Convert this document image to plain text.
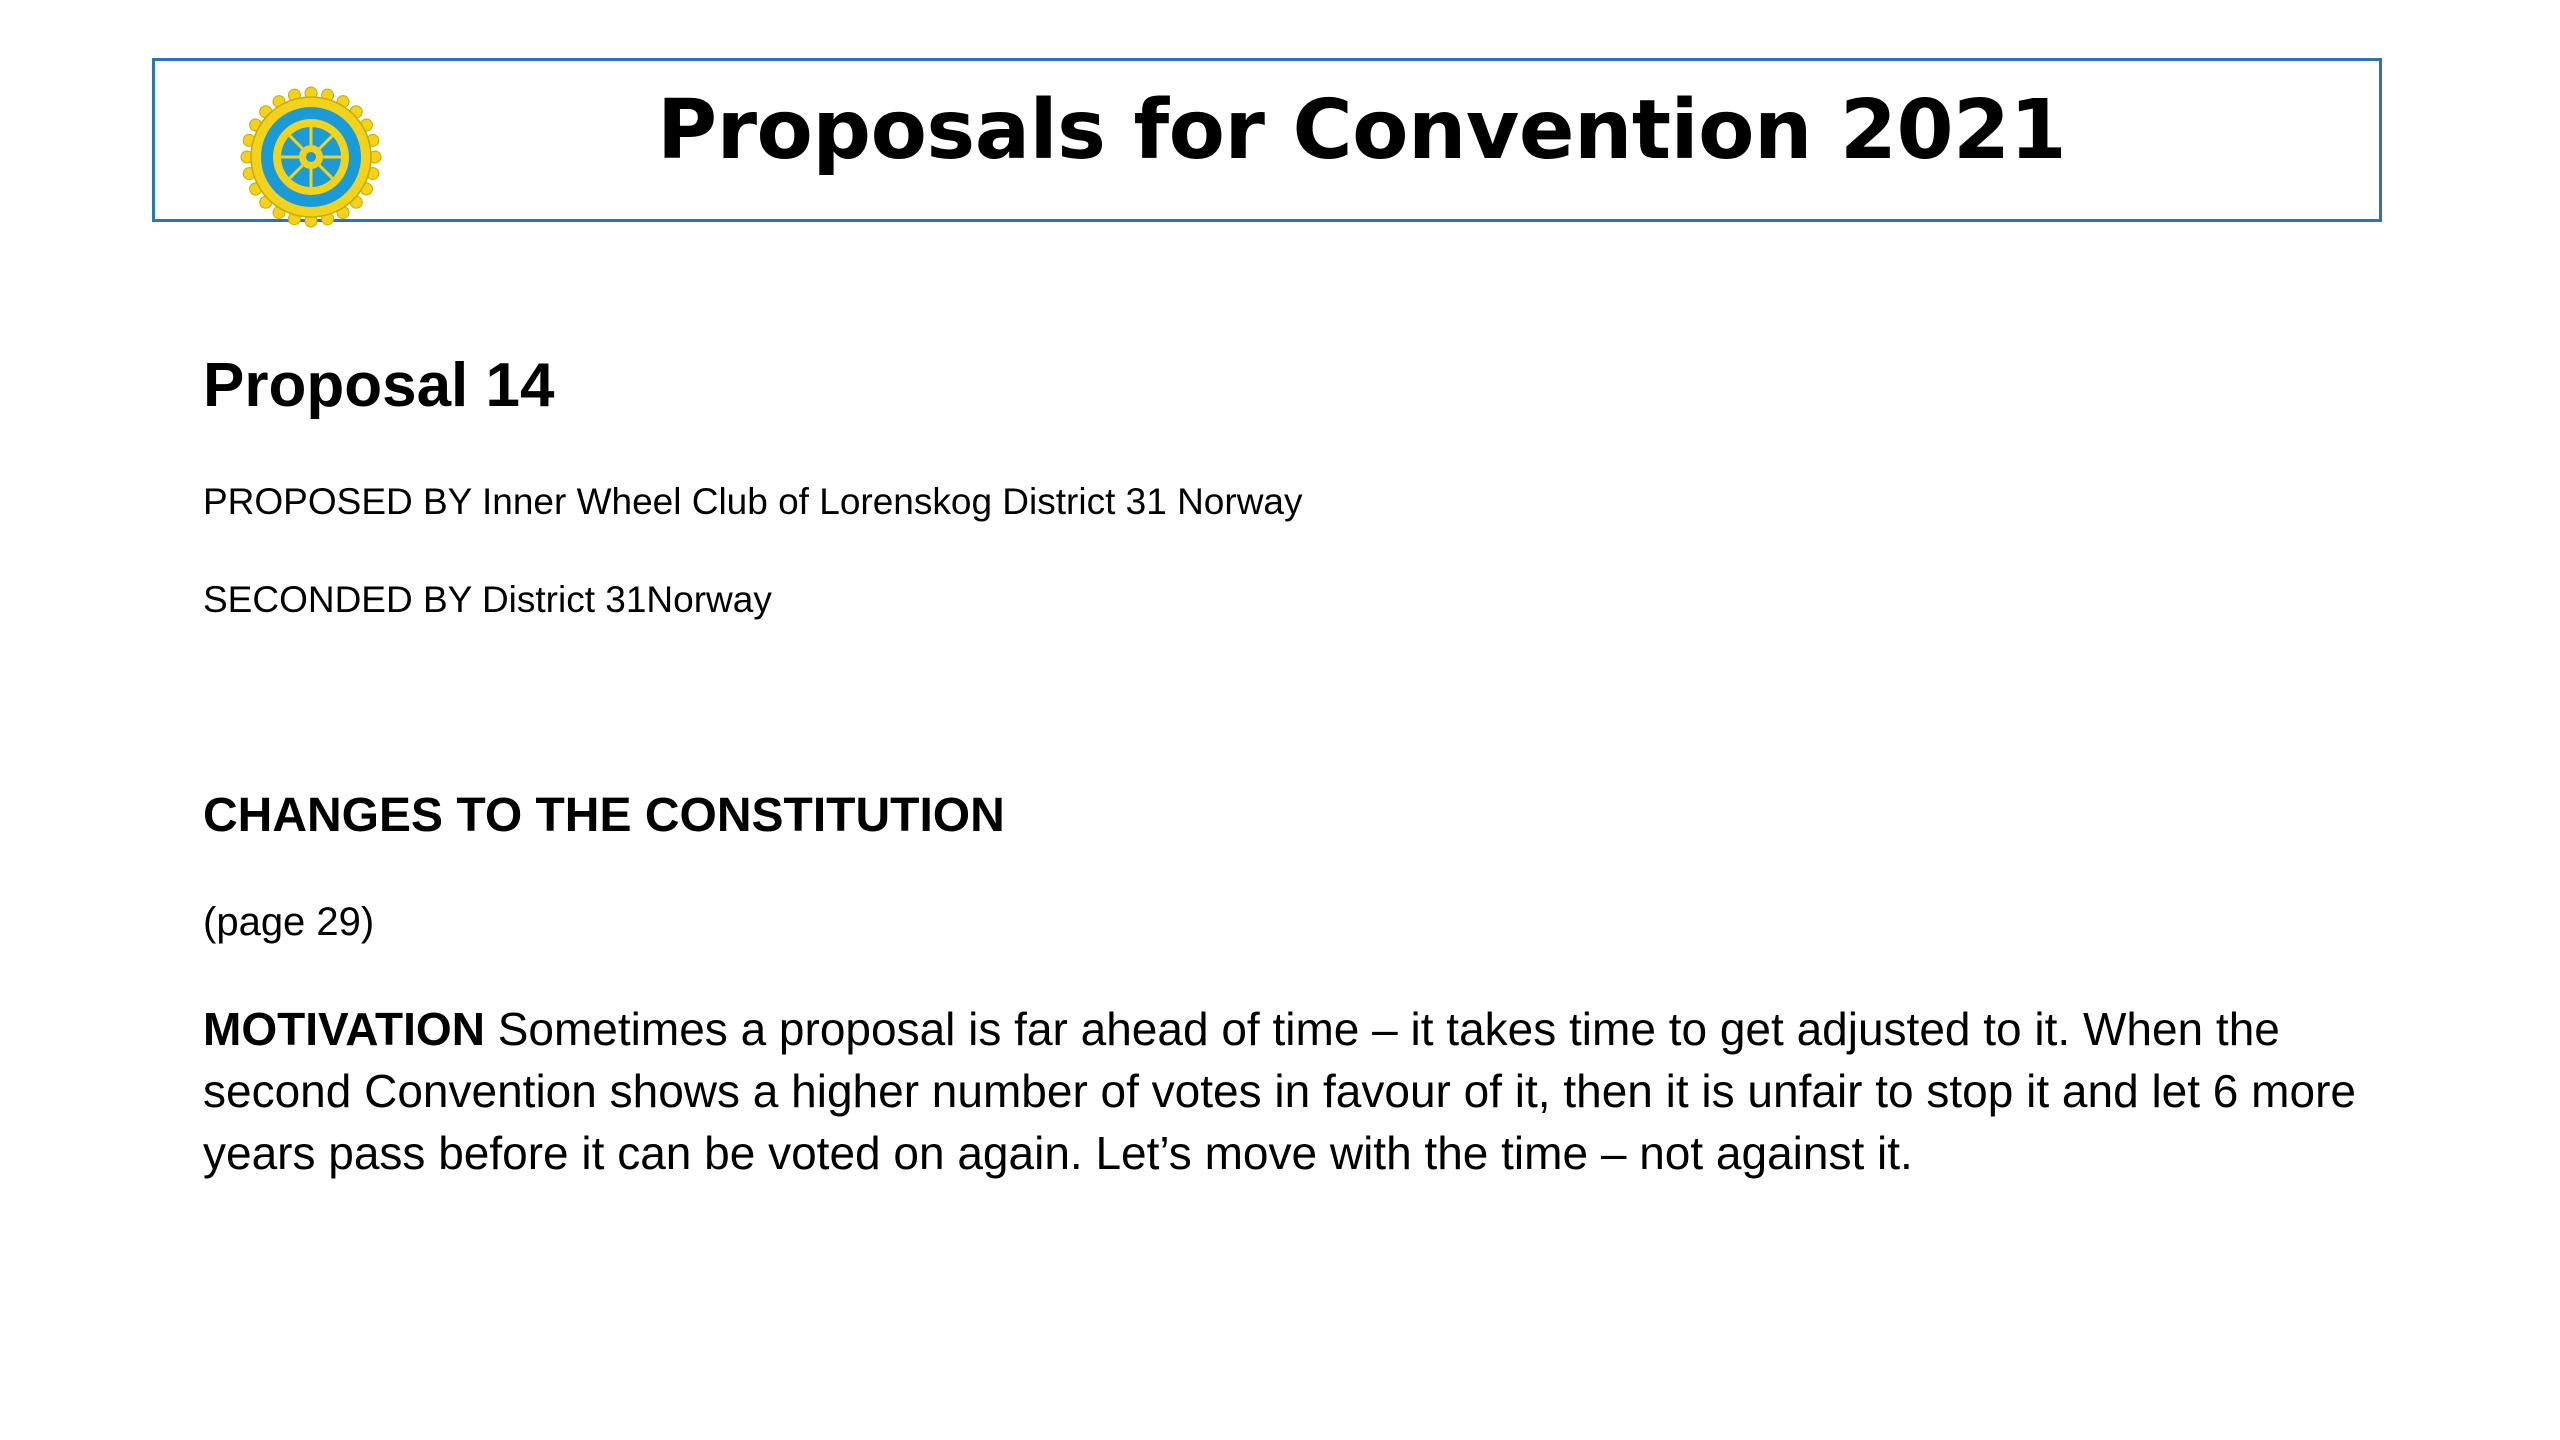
Proposals for Convention 2021
Proposal 14
PROPOSED BY Inner Wheel Club of Lorenskog District 31 Norway
SECONDED BY District 31Norway
CHANGES TO THE CONSTITUTION
(page 29)
MOTIVATION Sometimes a proposal is far ahead of time – it takes time to get adjusted to it. When the second Convention shows a higher number of votes in favour of it, then it is unfair to stop it and let 6 more years pass before it can be voted on again. Let’s move with the time – not against it.
